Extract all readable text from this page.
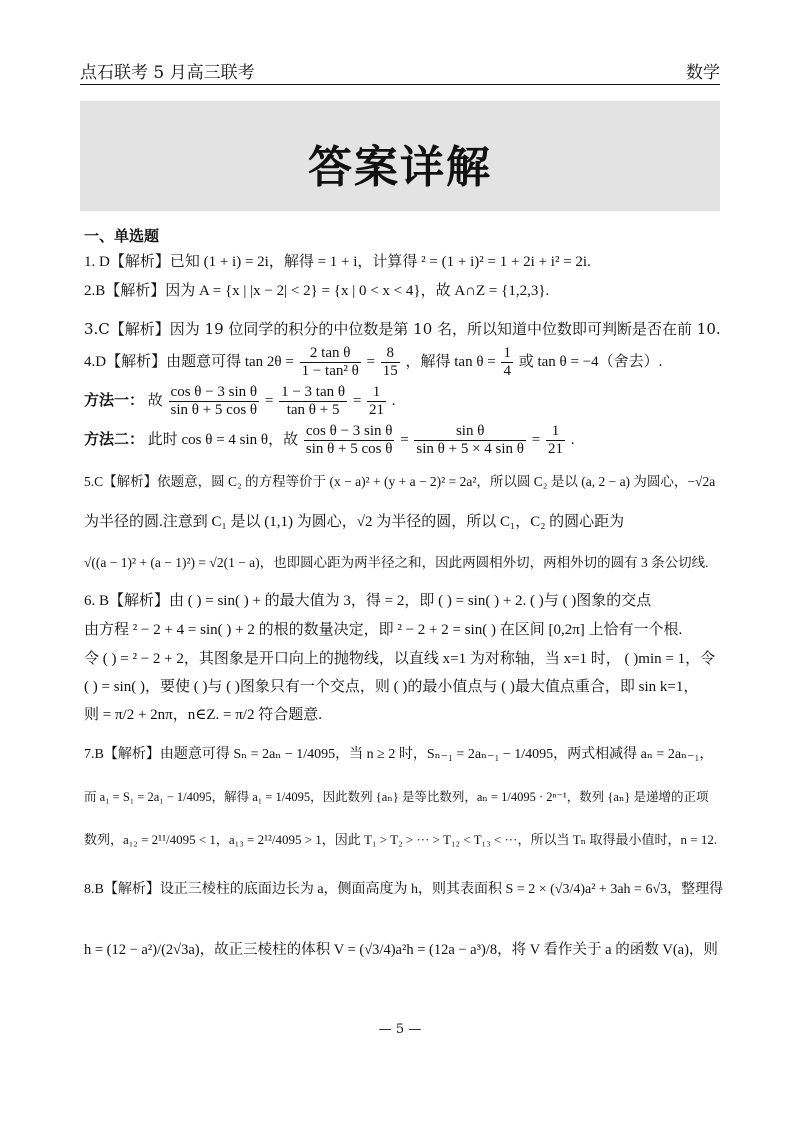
点石联考 5 月高三联考	数学
答案详解
一、单选题
1. D【解析】已知 (1 + i) = 2i，解得 = 1 + i，计算得 ² = (1 + i)² = 1 + 2i + i² = 2i.
2.B【解析】因为 A = {x | |x − 2| < 2} = {x | 0 < x < 4}，故 A∩Z = {1,2,3}.
3.C【解析】因为 19 位同学的积分的中位数是第 10 名，所以知道中位数即可判断是否在前 10.
4.D【解析】由题意可得 $\tan 2\theta = \frac{\text{2 tan θ}}{\text{1 − tan² θ}} = \frac{8}{15}$ ，解得 $\tan \theta = \frac{1}{4}$ 或 tan θ = −4（舍去）.
方法一： 故 $\frac{\text{cos θ − 3 sin θ}}{\text{sin θ + 5 cos θ}} = \frac{\text{1 − 3 tan θ}}{\text{tan θ + 5}} = \frac{1}{21}$ .
方法二： 此时 cos θ = 4 sin θ，故 $\frac{\text{cos θ − 3 sin θ}}{\text{sin θ + 5 cos θ}} = \frac{\text{sin θ}}{\text{sin θ + 5 × 4 sin θ}} = \frac{1}{21}$ .
5.C【解析】依题意，圆 C₂ 的方程等价于 (x − a)² + (y + a − 2)² = 2a²，所以圆 C₂ 是以 (a, 2 − a) 为圆心，−√2a
为半径的圆.注意到 C₁ 是以 (1,1) 为圆心，√2 为半径的圆，所以 C₁，C₂ 的圆心距为
√((a − 1)² + (a − 1)²) = √2(1 − a)，也即圆心距为两半径之和，因此两圆相外切，两相外切的圆有 3 条公切线.
6. B【解析】由 ( ) = sin( ) + 的最大值为 3，得 = 2，即 ( ) = sin( ) + 2. ( )与 ( )图象的交点
由方程 ² − 2 + 4 = sin( ) + 2 的根的数量决定，即 ² − 2 + 2 = sin( ) 在区间 [0,2π] 上恰有一个根.
令 ( ) = ² − 2 + 2，其图象是开口向上的抛物线，以直线 x=1 为对称轴，当 x=1 时， ( )min = 1，令
( ) = sin( )，要使 ( )与 ( )图象只有一个交点，则 ( )的最小值点与 ( )最大值点重合，即 sin k=1，
则 = π/2 + 2nπ，n∈Z. = π/2 符合题意.
7.B【解析】由题意可得 Sₙ = 2aₙ − 1/4095，当 n ≥ 2 时，Sₙ₋₁ = 2aₙ₋₁ − 1/4095，两式相减得 aₙ = 2aₙ₋₁，
而 a₁ = S₁ = 2a₁ − 1/4095，解得 a₁ = 1/4095，因此数列 {aₙ} 是等比数列，aₙ = 1/4095 · 2ⁿ⁻¹，数列 {aₙ} 是递增的正项
数列，a₁₂ = 2¹¹/4095 < 1，a₁₃ = 2¹²/4095 > 1，因此 T₁ > T₂ > ··· > T₁₂ < T₁₃ < ···，所以当 Tₙ 取得最小值时，n = 12.
8.B【解析】设正三棱柱的底面边长为 a，侧面高度为 h，则其表面积 S = 2 × (√3/4)a² + 3ah = 6√3，整理得
h = (12 − a²)/(2√3a)，故正三棱柱的体积 V = (√3/4)a²h = (12a − a³)/8，将 V 看作关于 a 的函数 V(a)，则
— 5 —
